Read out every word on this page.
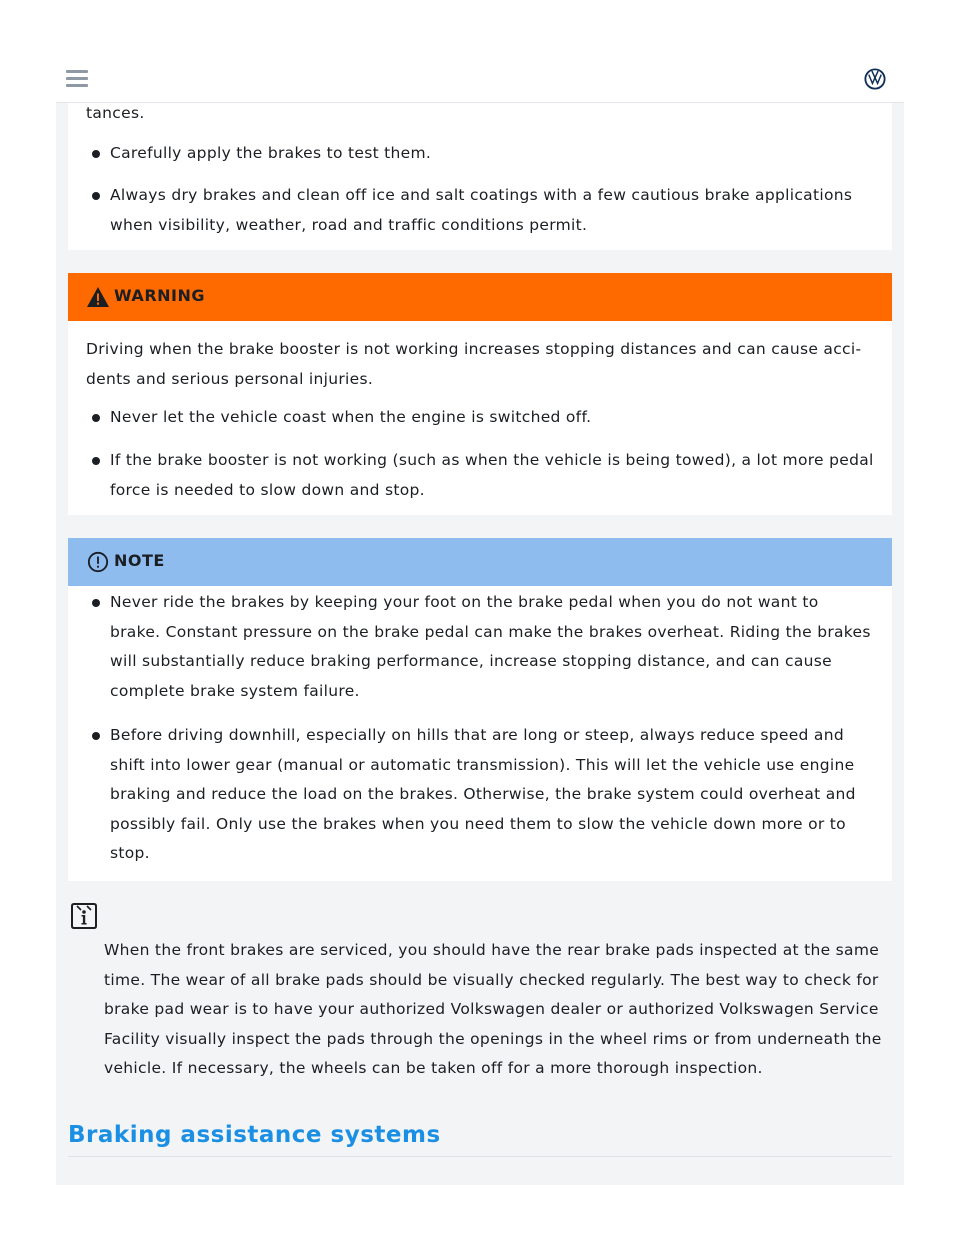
tances.

Carefully apply the brakes to test them.

Always dry brakes and clean off ice and salt coatings with a few cautious brake applications when visibility, weather, road and traffic conditions permit.

WARNING

Driving when the brake booster is not working increases stopping distances and can cause acci-dents and serious personal injuries.

Never let the vehicle coast when the engine is switched off.

If the brake booster is not working (such as when the vehicle is being towed), a lot more pedal force is needed to slow down and stop.

NOTE

Never ride the brakes by keeping your foot on the brake pedal when you do not want to brake. Constant pressure on the brake pedal can make the brakes overheat. Riding the brakes will substantially reduce braking performance, increase stopping distance, and can cause complete brake system failure.

Before driving downhill, especially on hills that are long or steep, always reduce speed and shift into lower gear (manual or automatic transmission). This will let the vehicle use engine braking and reduce the load on the brakes. Otherwise, the brake system could overheat and possibly fail. Only use the brakes when you need them to slow the vehicle down more or to stop.

When the front brakes are serviced, you should have the rear brake pads inspected at the same time. The wear of all brake pads should be visually checked regularly. The best way to check for brake pad wear is to have your authorized Volkswagen dealer or authorized Volkswagen Service Facility visually inspect the pads through the openings in the wheel rims or from underneath the vehicle. If necessary, the wheels can be taken off for a more thorough inspection.

Braking assistance systems
